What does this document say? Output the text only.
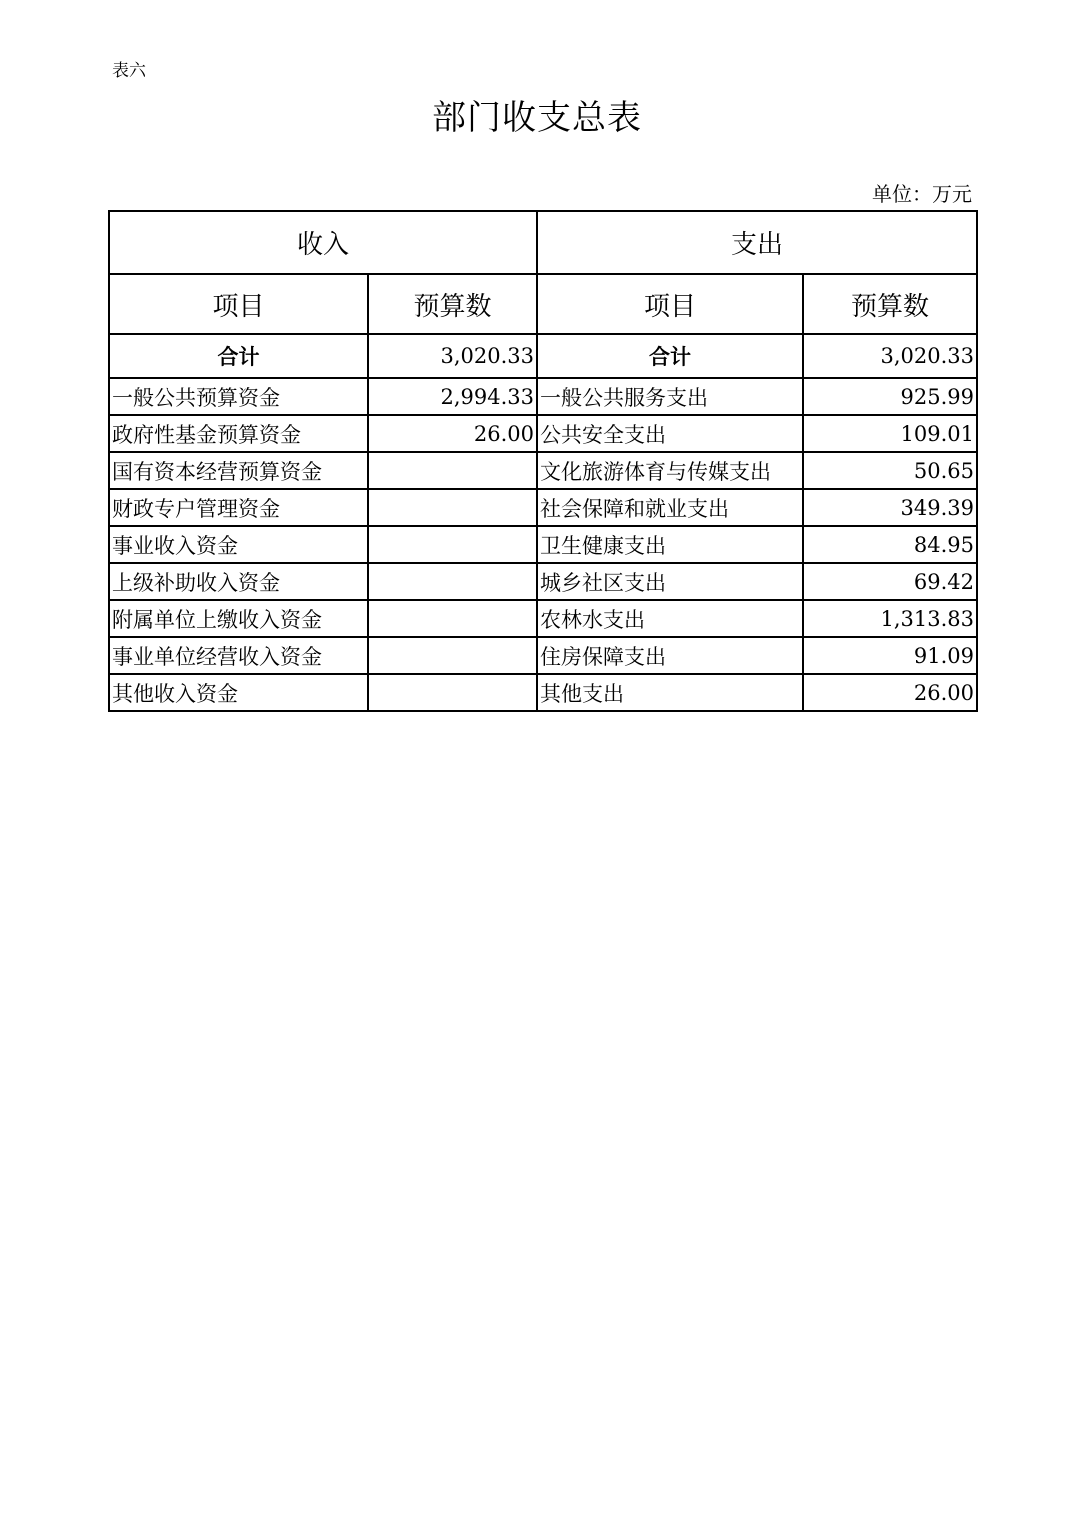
表六
部门收支总表
单位：万元
收入		支出	
项目	预算数	项目	预算数
合计	3,020.33	合计	3,020.33
一般公共预算资金	2,994.33	一般公共服务支出	925.99
政府性基金预算资金	26.00	公共安全支出	109.01
国有资本经营预算资金		文化旅游体育与传媒支出	50.65
财政专户管理资金		社会保障和就业支出	349.39
事业收入资金		卫生健康支出	84.95
上级补助收入资金		城乡社区支出	69.42
附属单位上缴收入资金		农林水支出	1,313.83
事业单位经营收入资金		住房保障支出	91.09
其他收入资金		其他支出	26.00
